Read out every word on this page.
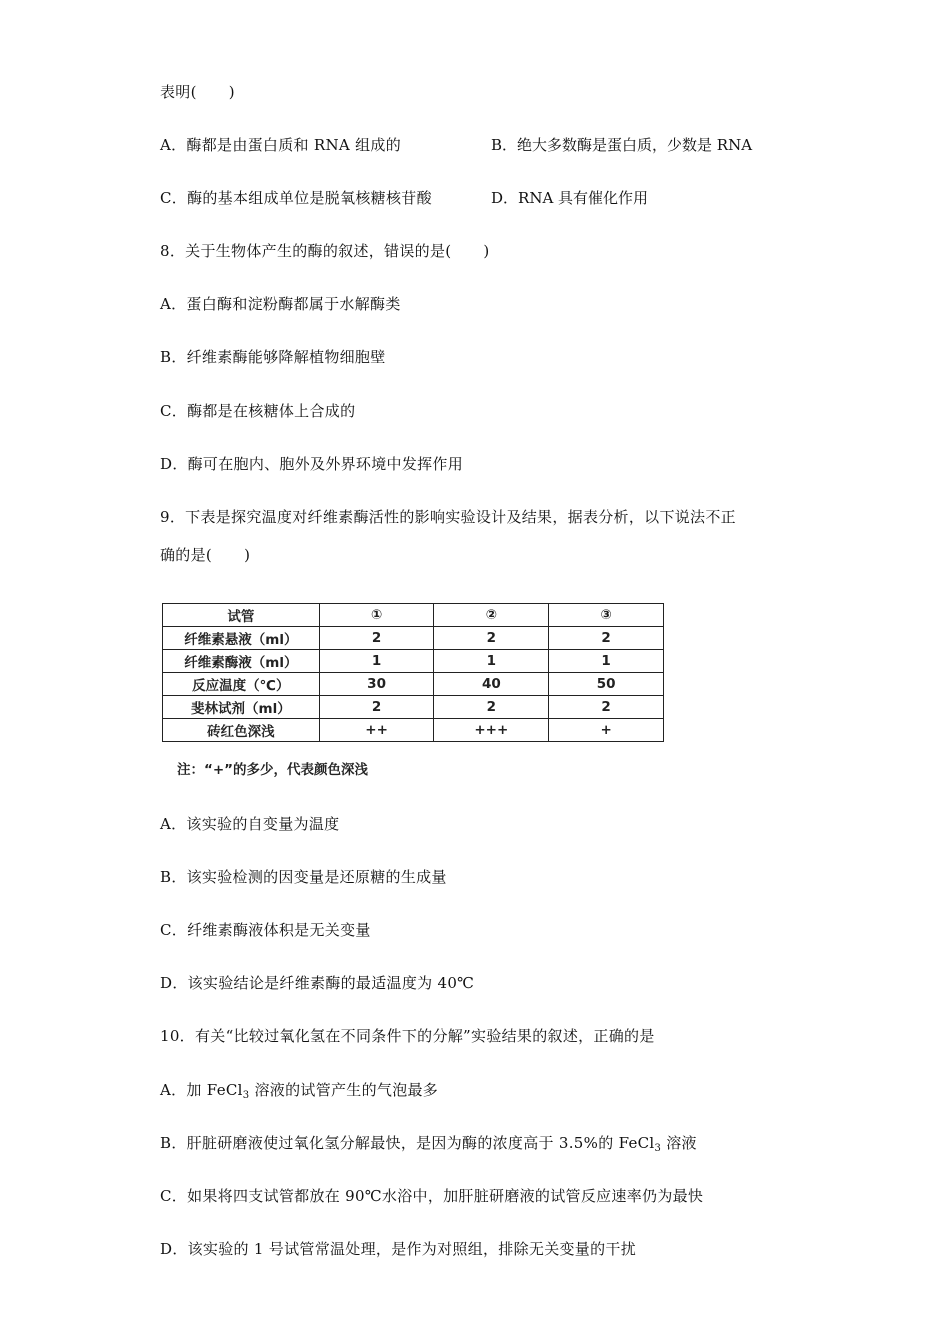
表明( )
A．酶都是由蛋白质和 RNA 组成的	B．绝大多数酶是蛋白质，少数是 RNA
C．酶的基本组成单位是脱氧核糖核苷酸	D．RNA 具有催化作用
8．关于生物体产生的酶的叙述，错误的是( )
A．蛋白酶和淀粉酶都属于水解酶类
B．纤维素酶能够降解植物细胞壁
C．酶都是在核糖体上合成的
D．酶可在胞内、胞外及外界环境中发挥作用
9．下表是探究温度对纤维素酶活性的影响实验设计及结果，据表分析，以下说法不正
确的是( )
试管	①	②	③
纤维素悬液（ml）	2	2	2
纤维素酶液（ml）	1	1	1
反应温度（℃）	30	40	50
斐林试剂（ml）	2	2	2
砖红色深浅	++	+++	+
注：“+”的多少，代表颜色深浅
A．该实验的自变量为温度
B．该实验检测的因变量是还原糖的生成量
C．纤维素酶液体积是无关变量
D．该实验结论是纤维素酶的最适温度为 40℃
10．有关“比较过氧化氢在不同条件下的分解”实验结果的叙述，正确的是
A．加 FeCl$_3$ 溶液的试管产生的气泡最多
B．肝脏研磨液使过氧化氢分解最快，是因为酶的浓度高于 3.5%的 FeCl$_3$ 溶液
C．如果将四支试管都放在 90℃水浴中，加肝脏研磨液的试管反应速率仍为最快
D．该实验的 1 号试管常温处理，是作为对照组，排除无关变量的干扰
